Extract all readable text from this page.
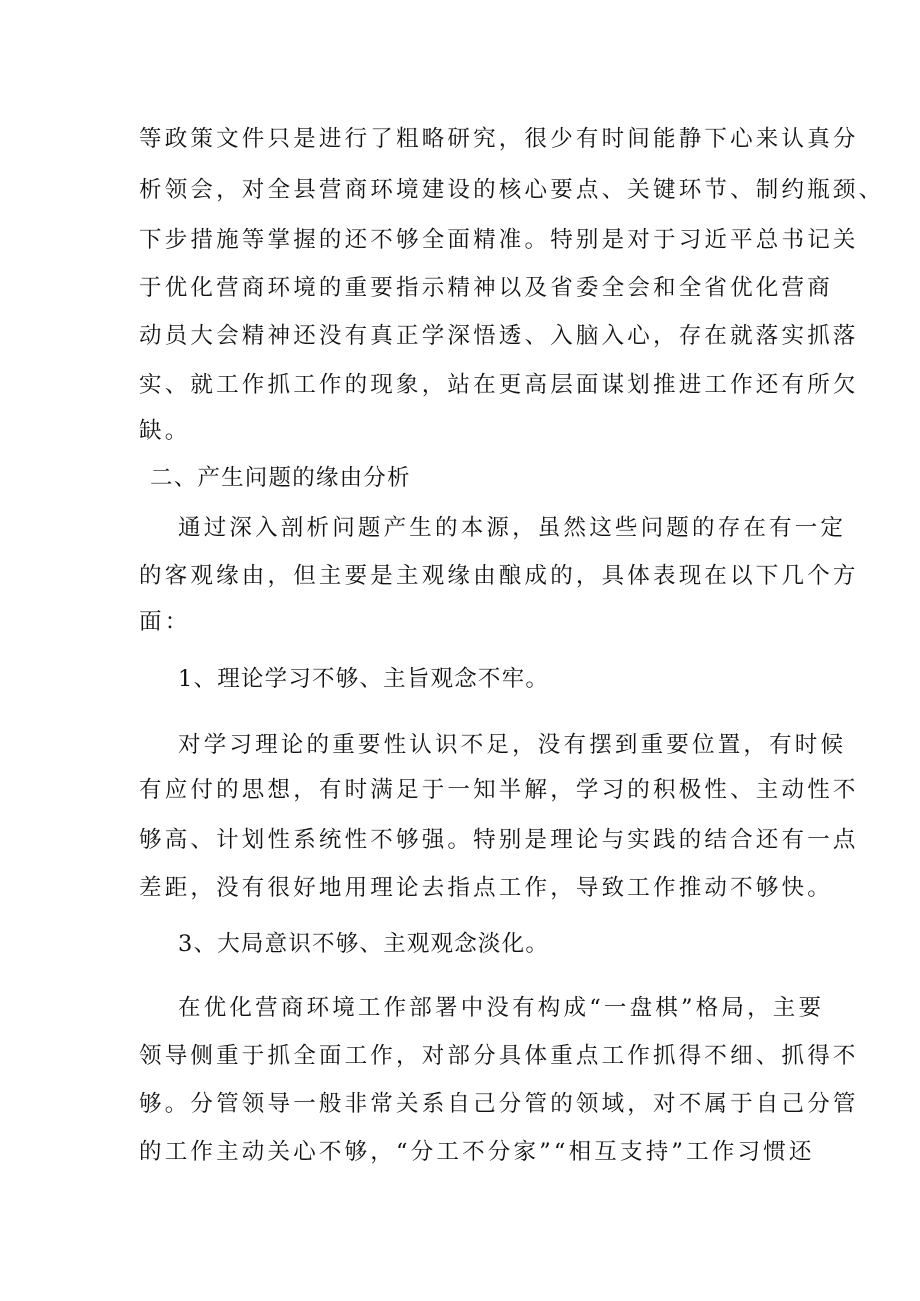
等政策文件只是进行了粗略研究，很少有时间能静下心来认真分
析领会，对全县营商环境建设的核心要点、关键环节、制约瓶颈、
下步措施等掌握的还不够全面精准。特别是对于习近平总书记关
于优化营商环境的重要指示精神以及省委全会和全省优化营商
动员大会精神还没有真正学深悟透、入脑入心，存在就落实抓落
实、就工作抓工作的现象，站在更高层面谋划推进工作还有所欠
缺。
二、产生问题的缘由分析
通过深入剖析问题产生的本源，虽然这些问题的存在有一定
的客观缘由，但主要是主观缘由酿成的，具体表现在以下几个方
面：
1、理论学习不够、主旨观念不牢。
对学习理论的重要性认识不足，没有摆到重要位置，有时候
有应付的思想，有时满足于一知半解，学习的积极性、主动性不
够高、计划性系统性不够强。特别是理论与实践的结合还有一点
差距，没有很好地用理论去指点工作，导致工作推动不够快。
3、大局意识不够、主观观念淡化。
在优化营商环境工作部署中没有构成“一盘棋”格局，主要
领导侧重于抓全面工作，对部分具体重点工作抓得不细、抓得不
够。分管领导一般非常关系自己分管的领域，对不属于自己分管
的工作主动关心不够，“分工不分家”“相互支持”工作习惯还
